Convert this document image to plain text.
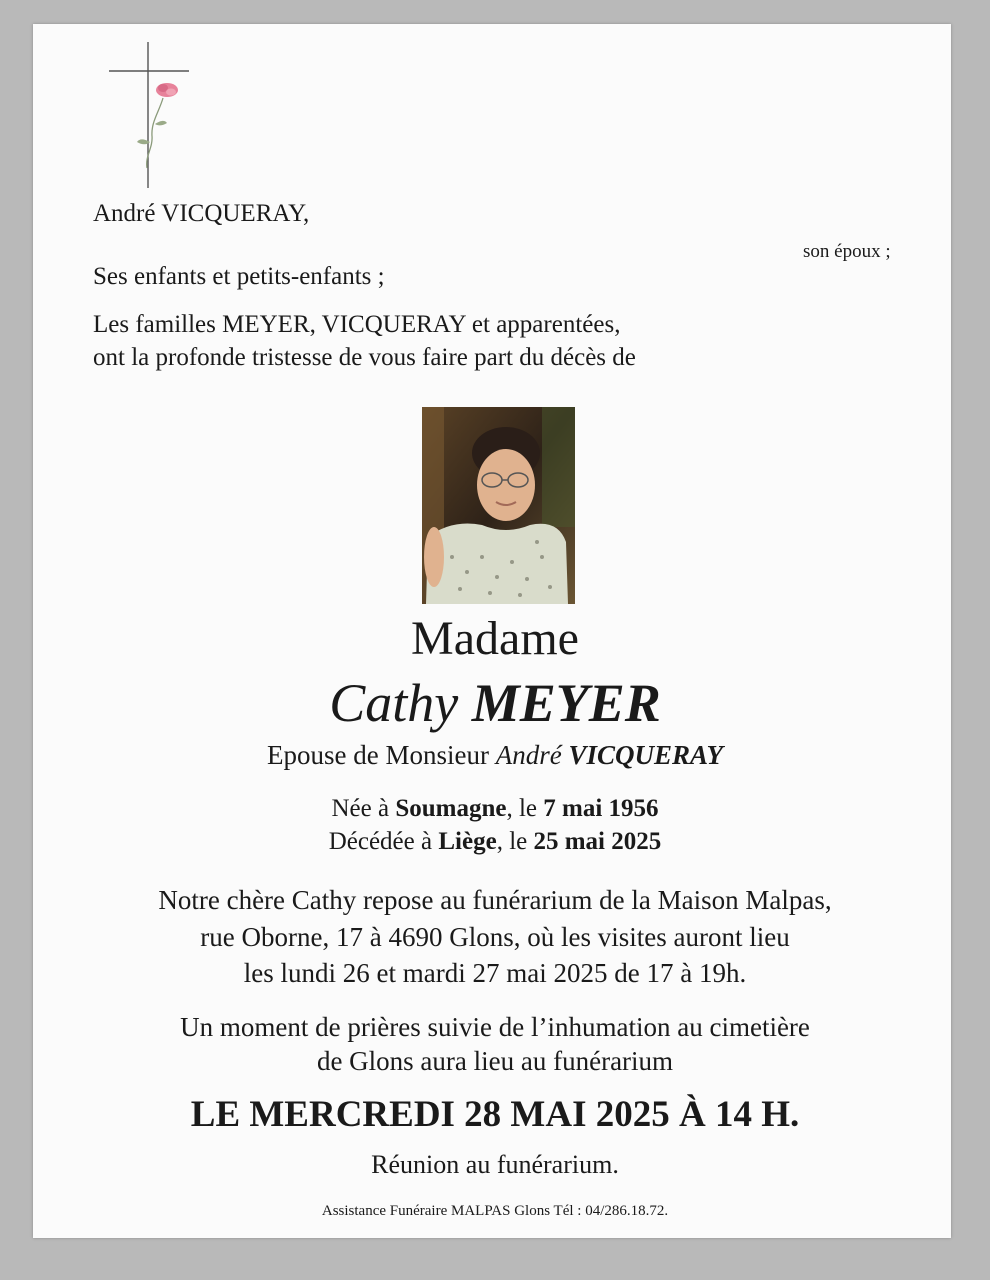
André VICQUERAY,
son époux ;
Ses enfants et petits-enfants ;
Les familles MEYER, VICQUERAY et apparentées,
ont la profonde tristesse de vous faire part du décès de
Madame
Cathy MEYER
Epouse de Monsieur André VICQUERAY
Née à Soumagne, le 7 mai 1956
Décédée à Liège, le 25 mai 2025
Notre chère Cathy repose au funérarium de la Maison Malpas,
rue Oborne, 17 à 4690 Glons, où les visites auront lieu
les lundi 26 et mardi 27 mai 2025 de 17 à 19h.
Un moment de prières suivie de l’inhumation au cimetière
de Glons aura lieu au funérarium
LE MERCREDI 28 MAI 2025 À 14 H.
Réunion au funérarium.
Assistance Funéraire MALPAS Glons Tél : 04/286.18.72.
